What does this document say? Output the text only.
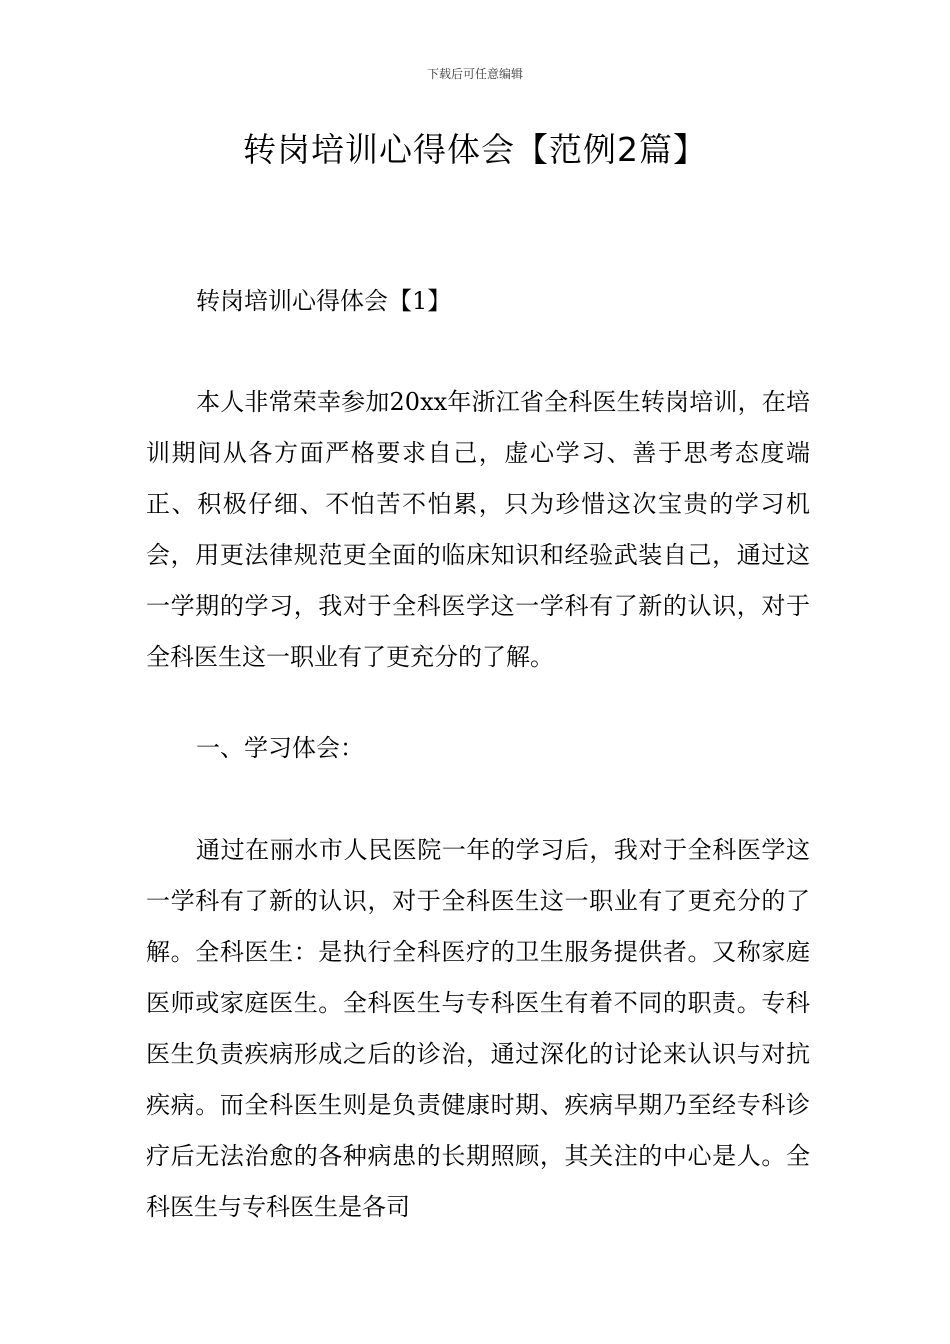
下载后可任意编辑
转岗培训心得体会【范例2篇】

转岗培训心得体会【1】

本人非常荣幸参加20xx年浙江省全科医生转岗培训，在培训期间从各方面严格要求自己，虚心学习、善于思考态度端正、积极仔细、不怕苦不怕累，只为珍惜这次宝贵的学习机会，用更法律规范更全面的临床知识和经验武装自己，通过这一学期的学习，我对于全科医学这一学科有了新的认识，对于全科医生这一职业有了更充分的了解。

一、学习体会：

通过在丽水市人民医院一年的学习后，我对于全科医学这一学科有了新的认识，对于全科医生这一职业有了更充分的了解。全科医生：是执行全科医疗的卫生服务提供者。又称家庭医师或家庭医生。全科医生与专科医生有着不同的职责。专科医生负责疾病形成之后的诊治，通过深化的讨论来认识与对抗疾病。而全科医生则是负责健康时期、疾病早期乃至经专科诊疗后无法治愈的各种病患的长期照顾，其关注的中心是人。全科医生与专科医生是各司
